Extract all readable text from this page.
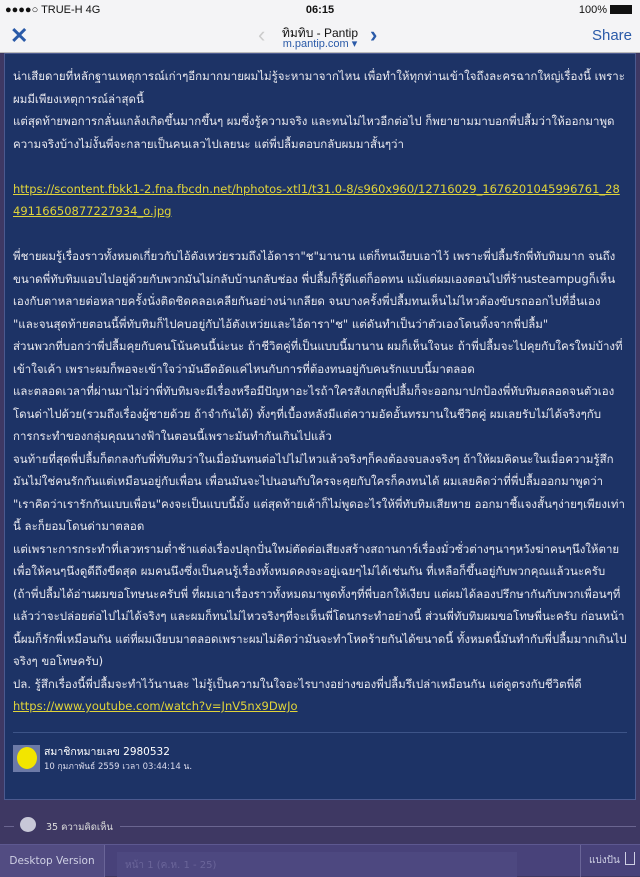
●●●●○ TRUE-H 4G	06:15	100%
✕	‹	ทิมทิบ - Pantip
m.pantip.com ▾ ›	Share

น่าเสียดายที่หลักฐานเหตุการณ์เก่าๆอีกมากมายผมไม่รู้จะหามาจากไหน เพื่อทำให้ทุกท่านเข้าใจถึงละครฉากใหญ่เรื่องนี้ เพราะผมมีเพียงเหตุการณ์ล่าสุดนี้

แต่สุดท้ายพอการกลั่นแกล้งเกิดขึ้นมากขึ้นๆ ผมซึ่งรู้ความจริง และทนไม่ไหวอีกต่อไป ก็พยายามมาบอกพี่ปลื้มว่าให้ออกมาพูดความจริงบ้างไม่งั้นพี่จะกลายเป็นคนเลวไปเลยนะ แต่พี่ปลื้มตอบกลับผมมาสั้นๆว่า

https://scontent.fbkk1-2.fna.fbcdn.net/hphotos-xtl1/t31.0-8/s960x960/12716029_1676201045996761_2849116650877227934_o.jpg

พี่ชายผมรู้เรื่องราวทั้งหมดเกี่ยวกับไอ้ตังเหว่ยรวมถึงไอ้ดารา"ช"มานาน แต่ก็ทนเงียบเอาไว้ เพราะพี่ปลื้มรักพี่ทับทิมมาก จนถึงขนาดพี่ทับทิมแอบไปอยู่ด้วยกับพวกมันไม่กลับบ้านกลับช่อง พี่ปลื้มก็รู้ดีแต่ก็อดทน แม้แต่ผมเองตอนไปที่ร้านsteampugก็เห็นเองกับตาหลายต่อหลายครั้งนั่งติดชิดคลอเคลียกันอย่างน่าเกลียด จนบางครั้งพี่ปลื้มทนเห็นไม่ไหวต้องขับรถออกไปที่อื่นเอง "และจนสุดท้ายตอนนี้พี่ทับทิมก็ไปคบอยู่กับไอ้ตังเหว่ยและไอ้ดารา"ช" แต่ดันทำเป็นว่าตัวเองโดนทิ้งจากพี่ปลื้ม"

ส่วนพวกที่บอกว่าพี่ปลื้มคุยกับคนโน้นคนนี้น่ะนะ ถ้าชีวิตคู่ที่เป็นแบบนี้มานาน ผมก็เห็นใจนะ ถ้าพี่ปลื้มจะไปคุยกับใครใหม่บ้างที่เข้าใจเค้า เพราะผมก็พอจะเข้าใจว่ามันอึดอัดแค่ไหนกับการที่ต้องทนอยู่กับคนรักแบบนี้มาตลอด

และตลอดเวลาที่ผ่านมาไม่ว่าพี่ทับทิมจะมีเรื่องหรือมีปัญหาอะไรถ้าใครสังเกตุพี่ปลื้มก็จะออกมาปกป้องพี่ทับทิมตลอดจนตัวเองโดนด่าไปด้วย(รวมถึงเรื่องผู้ชายด้วย ถ้าจำกันได้) ทั้งๆที่เบื้องหลังมีแต่ความอัดอั้นทรมานในชีวิตคู่ ผมเลยรับไม่ได้จริงๆกับการกระทำของกลุ่มคุณนางฟ้าในตอนนี้เพราะมันทำกันเกินไปแล้ว

จนท้ายที่สุดพี่ปลื้มก็ตกลงกับพี่ทับทิมว่าในเมื่อมันทนต่อไปไม่ไหวแล้วจริงๆก็คงต้องจบลงจริงๆ ถ้าให้ผมคิดนะในเมื่อความรู้สึกมันไม่ใช่คนรักกันแต่เหมือนอยู่กับเพื่อน เพื่อนมันจะไปนอนกับใครจะคุยกับใครก็คงทนได้ ผมเลยคิดว่าที่พี่ปลื้มออกมาพูดว่า "เราคิดว่าเรารักกันแบบเพื่อน"คงจะเป็นแบบนี้มั้ง แต่สุดท้ายเค้าก็ไม่พูดอะไรให้พี่ทับทิมเสียหาย ออกมาชี้แจงสั้นๆง่ายๆเพียงเท่านี้ ละก็ยอมโดนด่ามาตลอด

แต่เพราะการกระทำที่เลวทรามต่ำช้าแต่งเรื่องปลุกปั่นใหม่ตัดต่อเสียงสร้างสถานการ์เรื่องมั่วซั่วต่างๆนาๆหวังฆ่าคนๆนึงให้ตายเพื่อให้คนๆนึงดูดีถึงขีดสุด ผมคนนึงซึ่งเป็นคนรู้เรื่องทั้งหมดคงจะอยู่เฉยๆไม่ได้เช่นกัน ที่เหลือก็ขึ้นอยู่กับพวกคุณแล้วนะครับ

(ถ้าพี่ปลื้มได้อ่านผมขอโทษนะครับพี่ ที่ผมเอาเรื่องราวทั้งหมดมาพูดทั้งๆที่พี่บอกให้เงียบ แต่ผมได้ลองปรึกษากันกับพวกเพื่อนๆที่แล้วว่าจะปล่อยต่อไปไม่ได้จริงๆ และผมก็ทนไม่ไหวจริงๆที่จะเห็นพี่โดนกระทำอย่างนี้ ส่วนพี่ทับทิมผมขอโทษพี่นะครับ ก่อนหน้านี้ผมก็รักพี่เหมือนกัน แต่ที่ผมเงียบมาตลอดเพราะผมไม่คิดว่ามันจะทำโหดร้ายกันได้ขนาดนี้ ทั้งหมดนี้มันทำกับพี่ปลื้มมากเกินไปจริงๆ ขอโทษครับ)

ปล. รู้สึกเรื่องนี้พี่ปลื้มจะทำไว้นานละ ไม่รู้เป็นความในใจอะไรบางอย่างของพี่ปลื้มรึเปล่าเหมือนกัน แต่ดูตรงกับชีวิตพี่ดี

https://www.youtube.com/watch?v=JnV5nx9DwJo

สมาชิกหมายเลข 2980532
10 กุมภาพันธ์ 2559 เวลา 03:44:14 น.
35 ความคิดเห็น
Desktop Version	หน้า 1 (ค.ห. 1 - 25)	แบ่งปัน
